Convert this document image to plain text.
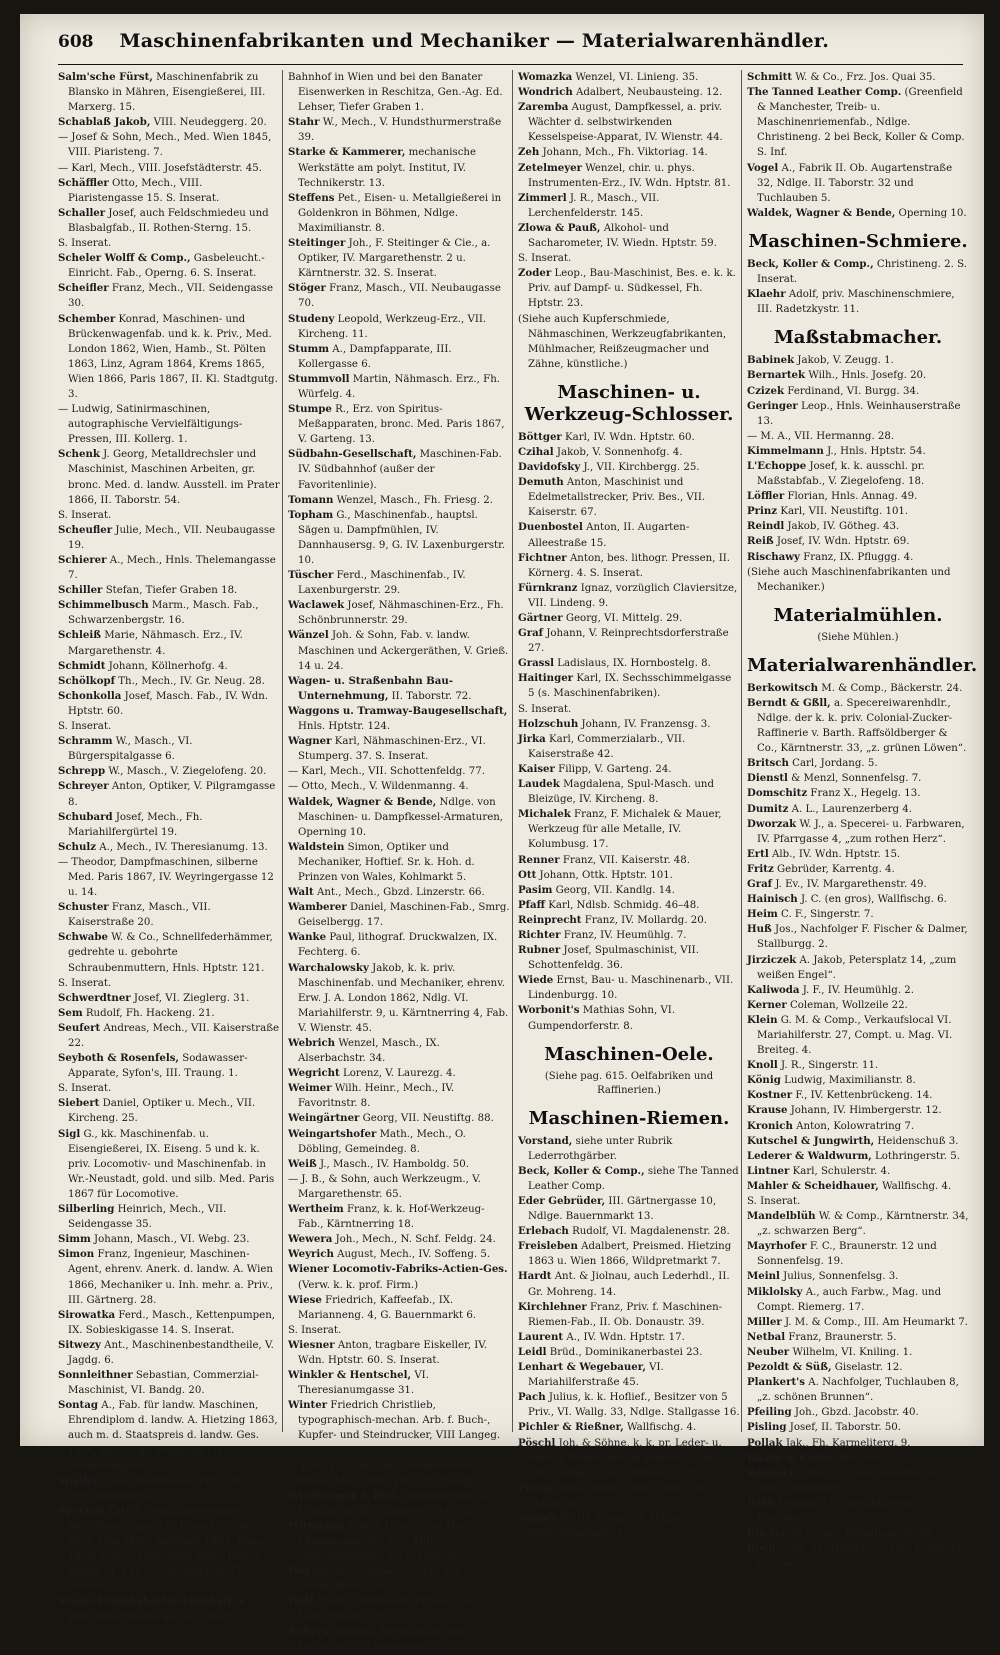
608 Maschinenfabrikanten und Mechaniker — Materialwarenhändler.

Salm'sche Fürst, Maschinenfabrik zu Blansko in Mähren, Eisengießerei, III. Marxerg. 15.

Schablaß Jakob, VIII. Neudeggerg. 20.

— Josef & Sohn, Mech., Med. Wien 1845, VIII. Piaristeng. 7.

— Karl, Mech., VIII. Josefstädterstr. 45.

Schäffler Otto, Mech., VIII. Piaristengasse 15. S. Inserat.

Schaller Josef, auch Feldschmiedeu und Blasbalgfab., II. Rothen-Sterng. 15.

S. Inserat.

Scheler Wolff & Comp., Gasbeleucht.-Einricht. Fab., Operng. 6. S. Inserat.

Scheifler Franz, Mech., VII. Seidengasse 30.

Schember Konrad, Maschinen- und Brückenwagenfab. und k. k. Priv., Med. London 1862, Wien, Hamb., St. Pölten 1863, Linz, Agram 1864, Krems 1865, Wien 1866, Paris 1867, II. Kl. Stadtgutg. 3.

— Ludwig, Satinirmaschinen, autographische Vervielfältigungs-Pressen, III. Kollerg. 1.

Schenk J. Georg, Metalldrechsler und Maschinist, Maschinen Arbeiten, gr. bronc. Med. d. landw. Ausstell. im Prater 1866, II. Taborstr. 54.

S. Inserat.

Scheufler Julie, Mech., VII. Neubaugasse 19.

Schierer A., Mech., Hnls. Thelemangasse 7.

Schiller Stefan, Tiefer Graben 18.

Schimmelbusch Marm., Masch. Fab., Schwarzenbergstr. 16.

Schleiß Marie, Nähmasch. Erz., IV. Margarethenstr. 4.

Schmidt Johann, Köllnerhofg. 4.

Schölkopf Th., Mech., IV. Gr. Neug. 28.

Schonkolla Josef, Masch. Fab., IV. Wdn. Hptstr. 60.

S. Inserat.

Schramm W., Masch., VI. Bürgerspitalgasse 6.

Schrepp W., Masch., V. Ziegelofeng. 20.

Schreyer Anton, Optiker, V. Pilgramgasse 8.

Schubard Josef, Mech., Fh. Mariahilfergürtel 19.

Schulz A., Mech., IV. Theresianumg. 13.

— Theodor, Dampfmaschinen, silberne Med. Paris 1867, IV. Weyringergasse 12 u. 14.

Schuster Franz, Masch., VII. Kaiserstraße 20.

Schwabe W. & Co., Schnellfederhämmer, gedrehte u. gebohrte Schraubenmuttern, Hnls. Hptstr. 121.

S. Inserat.

Schwerdtner Josef, VI. Zieglerg. 31.

Sem Rudolf, Fh. Hackeng. 21.

Seufert Andreas, Mech., VII. Kaiserstraße 22.

Seyboth & Rosenfels, Sodawasser-Apparate, Syfon's, III. Traung. 1.

S. Inserat.

Siebert Daniel, Optiker u. Mech., VII. Kircheng. 25.

Sigl G., kk. Maschinenfab. u. Eisengießerei, IX. Eiseng. 5 und k. k. priv. Locomotiv- und Maschinenfab. in Wr.-Neustadt, gold. und silb. Med. Paris 1867 für Locomotive.

Silberling Heinrich, Mech., VII. Seidengasse 35.

Simm Johann, Masch., VI. Webg. 23.

Simon Franz, Ingenieur, Maschinen-Agent, ehrenv. Anerk. d. landw. A. Wien 1866, Mechaniker u. Inh. mehr. a. Priv., III. Gärtnerg. 28.

Sirowatka Ferd., Masch., Kettenpumpen, IX. Sobieskigasse 14. S. Inserat.

Sitwezy Ant., Maschinenbestandtheile, V. Jagdg. 6.

Sonnleithner Sebastian, Commerzial-Maschinist, VI. Bandg. 20.

Sontag A., Fab. für landw. Maschinen, Ehrendiplom d. landw. A. Hietzing 1863, auch m. d. Staatspreis d. landw. Ges. 1866, Bes. d. gr. Preismed., IV. Simmeringerstr. 15.

Spaller Ignaz, Nähmasch. Erz., VII. Lerchenfelderstr. 25.

Specker Karl A., Maschinen-Agent in Maschinen-Import u. Export, gr. silb. Med. Linz 1865, Salzburg 1865, Wien 1866, bronc. Med. Paris 1867, Hoher Markt 11, Fab. III. Baumgasse 37. S. Inserat.

Staats-Eisenbahn-Gesellschaft, k. k. priv., Maschinen-Fab. am Staats-

Bahnhof in Wien und bei den Banater Eisenwerken in Reschitza, Gen.-Ag. Ed. Lehser, Tiefer Graben 1.

Stahr W., Mech., V. Hundsthurmerstraße 39.

Starke & Kammerer, mechanische Werkstätte am polyt. Institut, IV. Technikerstr. 13.

Steffens Pet., Eisen- u. Metallgießerei in Goldenkron in Böhmen, Ndlge. Maximilianstr. 8.

Steitinger Joh., F. Steitinger & Cie., a. Optiker, IV. Margarethenstr. 2 u. Kärntnerstr. 32. S. Inserat.

Stöger Franz, Masch., VII. Neubaugasse 70.

Studeny Leopold, Werkzeug-Erz., VII. Kircheng. 11.

Stumm A., Dampfapparate, III. Kollergasse 6.

Stummvoll Martin, Nähmasch. Erz., Fh. Würfelg. 4.

Stumpe R., Erz. von Spiritus-Meßapparaten, bronc. Med. Paris 1867, V. Garteng. 13.

Südbahn-Gesellschaft, Maschinen-Fab. IV. Südbahnhof (außer der Favoritenlinie).

Tomann Wenzel, Masch., Fh. Friesg. 2.

Topham G., Maschinenfab., hauptsl. Sägen u. Dampfmühlen, IV. Dannhausersg. 9, G. IV. Laxenburgerstr. 10.

Tüscher Ferd., Maschinenfab., IV. Laxenburgerstr. 29.

Waclawek Josef, Nähmaschinen-Erz., Fh. Schönbrunnerstr. 29.

Wänzel Joh. & Sohn, Fab. v. landw. Maschinen und Ackergeräthen, V. Grieß. 14 u. 24.

Wagen- u. Straßenbahn Bau-Unternehmung, II. Taborstr. 72.

Waggons u. Tramway-Baugesellschaft, Hnls. Hptstr. 124.

Wagner Karl, Nähmaschinen-Erz., VI. Stumperg. 37. S. Inserat.

— Karl, Mech., VII. Schottenfeldg. 77.

— Otto, Mech., V. Wildenmanng. 4.

Waldek, Wagner & Bende, Ndlge. von Maschinen- u. Dampfkessel-Armaturen, Operning 10.

Waldstein Simon, Optiker und Mechaniker, Hoftief. Sr. k. Hoh. d. Prinzen von Wales, Kohlmarkt 5.

Walt Ant., Mech., Gbzd. Linzerstr. 66.

Wamberer Daniel, Maschinen-Fab., Smrg. Geiselbergg. 17.

Wanke Paul, lithograf. Druckwalzen, IX. Fechterg. 6.

Warchalowsky Jakob, k. k. priv. Maschinenfab. und Mechaniker, ehrenv. Erw. J. A. London 1862, Ndlg. VI. Mariahilferstr. 9, u. Kärntnerring 4, Fab. V. Wienstr. 45.

Webrich Wenzel, Masch., IX. Alserbachstr. 34.

Wegricht Lorenz, V. Laurezg. 4.

Weimer Wilh. Heinr., Mech., IV. Favoritnstr. 8.

Weingärtner Georg, VII. Neustiftg. 88.

Weingartshofer Math., Mech., O. Döbling, Gemeindeg. 8.

Weiß J., Masch., IV. Hamboldg. 50.

— J. B., & Sohn, auch Werkzeugm., V. Margarethenstr. 65.

Wertheim Franz, k. k. Hof-Werkzeug-Fab., Kärntnerring 18.

Wewera Joh., Mech., N. Schf. Feldg. 24.

Weyrich August, Mech., IV. Soffeng. 5.

Wiener Locomotiv-Fabriks-Actien-Ges. (Verw. k. k. prof. Firm.)

Wiese Friedrich, Kaffeefab., IX. Marianneng. 4, G. Bauernmarkt 6.

S. Inserat.

Wiesner Anton, tragbare Eiskeller, IV. Wdn. Hptstr. 60. S. Inserat.

Winkler & Hentschel, VI. Theresianumgasse 31.

Winter Friedrich Christlieb, typographisch-mechan. Arb. f. Buch-, Kupfer- und Steindrucker, VIII Langeg. 37.

— Karl, Erz. von Elektrisirmaschinen, bronc. Med. Paris 1867, IV. Waagg. 5.

Winzheimer & Pini, Maschinenfab. u. Mühlbauer, III. Marxerg. 20 u. 22.

Wittmann Rudolf (Patent auf Meßrad-Längenapparat), Unt. Mdl. Wilhelminstraße 29. S. Inserat.

Wöl Johann, Nähmasch. Erz., VII. Mariahilferstr. 98.

Wolf Franz, Nähmasch. Erzeug., VI. Laimgrubeng. 29.

Zolters Wilhelm, Mechaniker, Fab. V. Heug. 40, G. Kärntnerstr. 30.

Womazka Wenzel, VI. Linieng. 35.

Wondrich Adalbert, Neubausteing. 12.

Zaremba August, Dampfkessel, a. priv. Wächter d. selbstwirkenden Kesselspeise-Apparat, IV. Wienstr. 44.

Zeh Johann, Mch., Fh. Viktoriag. 14.

Zetelmeyer Wenzel, chir. u. phys. Instrumenten-Erz., IV. Wdn. Hptstr. 81.

Zimmerl J. R., Masch., VII. Lerchenfelderstr. 145.

Zlowa & Pauß, Alkohol- und Sacharometer, IV. Wiedn. Hptstr. 59.

S. Inserat.

Zoder Leop., Bau-Maschinist, Bes. e. k. k. Priv. auf Dampf- u. Südkessel, Fh. Hptstr. 23.

(Siehe auch Kupferschmiede, Nähmaschinen, Werkzeugfabrikanten, Mühlmacher, Reißzeugmacher und Zähne, künstliche.)

Maschinen- u. Werkzeug-Schlosser.

Böttger Karl, IV. Wdn. Hptstr. 60.

Czihal Jakob, V. Sonnenhofg. 4.

Davidofsky J., VII. Kirchbergg. 25.

Demuth Anton, Maschinist und Edelmetallstrecker, Priv. Bes., VII. Kaiserstr. 67.

Duenbostel Anton, II. Augarten-Alleestraße 15.

Fichtner Anton, bes. lithogr. Pressen, II. Körnerg. 4. S. Inserat.

Fürnkranz Ignaz, vorzüglich Claviersitze, VII. Lindeng. 9.

Gärtner Georg, VI. Mittelg. 29.

Graf Johann, V. Reinprechtsdorferstraße 27.

Grassl Ladislaus, IX. Hornbostelg. 8.

Haitinger Karl, IX. Sechsschimmelgasse 5 (s. Maschinenfabriken).

S. Inserat.

Holzschuh Johann, IV. Franzensg. 3.

Jirka Karl, Commerzialarb., VII. Kaiserstraße 42.

Kaiser Filipp, V. Garteng. 24.

Laudek Magdalena, Spul-Masch. und Bleizüge, IV. Kircheng. 8.

Michalek Franz, F. Michalek & Mauer, Werkzeug für alle Metalle, IV. Kolumbusg. 17.

Renner Franz, VII. Kaiserstr. 48.

Ott Johann, Ottk. Hptstr. 101.

Pasim Georg, VII. Kandlg. 14.

Pfaff Karl, Ndlsb. Schmidg. 46–48.

Reinprecht Franz, IV. Mollardg. 20.

Richter Franz, IV. Heumühlg. 7.

Rubner Josef, Spulmaschinist, VII. Schottenfeldg. 36.

Wiede Ernst, Bau- u. Maschinenarb., VII. Lindenburgg. 10.

Worbonit's Mathias Sohn, VI. Gumpendorferstr. 8.

Maschinen-Oele.
(Siehe pag. 615. Oelfabriken und Raffinerien.)
Maschinen-Riemen.

Vorstand, siehe unter Rubrik Lederrothgärber.

Beck, Koller & Comp., siehe The Tanned Leather Comp.

Eder Gebrüder, III. Gärtnergasse 10, Ndlge. Bauernmarkt 13.

Erlebach Rudolf, VI. Magdalenenstr. 28.

Freisleben Adalbert, Preismed. Hietzing 1863 u. Wien 1866, Wildpretmarkt 7.

Hardt Ant. & Jiolnau, auch Lederhdl., II. Gr. Mohreng. 14.

Kirchlehner Franz, Priv. f. Maschinen-Riemen-Fab., II. Ob. Donaustr. 39.

Laurent A., IV. Wdn. Hptstr. 17.

Leidl Brüd., Dominikanerbastei 23.

Lenhart & Wegebauer, VI. Mariahilferstraße 45.

Pach Julius, k. k. Hoflief., Besitzer von 5 Priv., VI. Wallg. 33, Ndlge. Stallgasse 16.

Pichler & Rießner, Wallfischg. 4.

Pöschl Joh. & Söhne, k. k. pr. Leder- u. Masch. Riemenfab. in Rohrbach bei Linz, Ndlge. II. Gr. Mohreng. 19.

Pollak Moriz, bronc. Med. Paris 1867, VI. Mollardg. 8.

Sagorz B., III. Heug. 28, Ndlge. Rothenthurmstr. 12.

Schmitt W. & Co., Frz. Jos. Quai 35.

The Tanned Leather Comp. (Greenfield & Manchester, Treib- u. Maschinenriemenfab., Ndlge. Christineng. 2 bei Beck, Koller & Comp. S. Inf.

Vogel A., Fabrik II. Ob. Augartenstraße 32, Ndlge. II. Taborstr. 32 und Tuchlauben 5.

Waldek, Wagner & Bende, Operning 10.

Maschinen-Schmiere.

Beck, Koller & Comp., Christineng. 2. S. Inserat.

Klaehr Adolf, priv. Maschinenschmiere, III. Radetzkystr. 11.

Maßstabmacher.

Babinek Jakob, V. Zeugg. 1.

Bernartek Wilh., Hnls. Josefg. 20.

Czizek Ferdinand, VI. Burgg. 34.

Geringer Leop., Hnls. Weinhauserstraße 13.

— M. A., VII. Hermanng. 28.

Kimmelmann J., Hnls. Hptstr. 54.

L'Echoppe Josef, k. k. ausschl. pr. Maßstabfab., V. Ziegelofeng. 18.

Löffler Florian, Hnls. Annag. 49.

Prinz Karl, VII. Neustiftg. 101.

Reindl Jakob, IV. Götheg. 43.

Reiß Josef, IV. Wdn. Hptstr. 69.

Rischawy Franz, IX. Pfluggg. 4.

(Siehe auch Maschinenfabrikanten und Mechaniker.)

Materialmühlen.
(Siehe Mühlen.)
Materialwarenhändler.

Berkowitsch M. & Comp., Bäckerstr. 24.

Berndt & Gßll, a. Specereiwarenhdlr., Ndlge. der k. k. priv. Colonial-Zucker-Raffinerie v. Barth. Raffsöldberger & Co., Kärntnerstr. 33, „z. grünen Löwen“.

Britsch Carl, Jordang. 5.

Dienstl & Menzl, Sonnenfelsg. 7.

Domschitz Franz X., Hegelg. 13.

Dumitz A. L., Laurenzerberg 4.

Dworzak W. J., a. Specerei- u. Farbwaren, IV. Pfarrgasse 4, „zum rothen Herz“.

Ertl Alb., IV. Wdn. Hptstr. 15.

Fritz Gebrüder, Karrentg. 4.

Graf J. Ev., IV. Margarethenstr. 49.

Hainisch J. C. (en gros), Wallfischg. 6.

Heim C. F., Singerstr. 7.

Huß Jos., Nachfolger F. Fischer & Dalmer, Stallburgg. 2.

Jirziczek A. Jakob, Petersplatz 14, „zum weißen Engel“.

Kaliwoda J. F., IV. Heumühlg. 2.

Kerner Coleman, Wollzeile 22.

Klein G. M. & Comp., Verkaufslocal VI. Mariahilferstr. 27, Compt. u. Mag. VI. Breiteg. 4.

Knoll J. R., Singerstr. 11.

König Ludwig, Maximilianstr. 8.

Kostner F., IV. Kettenbrückeng. 14.

Krause Johann, IV. Himbergerstr. 12.

Kronich Anton, Kolowratring 7.

Kutschel & Jungwirth, Heidenschuß 3.

Lederer & Waldwurm, Lothringerstr. 5.

Lintner Karl, Schulerstr. 4.

Mahler & Scheidhauer, Wallfischg. 4.

S. Inserat.

Mandelblüh W. & Comp., Kärntnerstr. 34, „z. schwarzen Berg“.

Mayrhofer F. C., Braunerstr. 12 und Sonnenfelsg. 19.

Meinl Julius, Sonnenfelsg. 3.

Miklolsky A., auch Farbw., Mag. und Compt. Riemerg. 17.

Miller J. M. & Comp., III. Am Heumarkt 7.

Netbal Franz, Braunerstr. 5.

Neuber Wilhelm, VI. Kniling. 1.

Pezoldt & Süß, Giselastr. 12.

Plankert's A. Nachfolger, Tuchlauben 8, „z. schönen Brunnen“.

Pfeiling Joh., Gbzd. Jacobstr. 40.

Pisling Josef, II. Taborstr. 50.

Pollak Jak., Fh. Karmeliterg. 9.

Raabe & Röder, Bäckerstr. 4.

Rainisch Julius C., Colonialwaren en gros, Wallfischg. 6.

Rath Ludwig, VI. Mariahilferstr. 73, „z. Elefanten“.

Rix Mar & Comp., Kärnthnerstr. 36.

Roch Ferd., IX. Hahng. 7, „zum Erzengel Michael“.
